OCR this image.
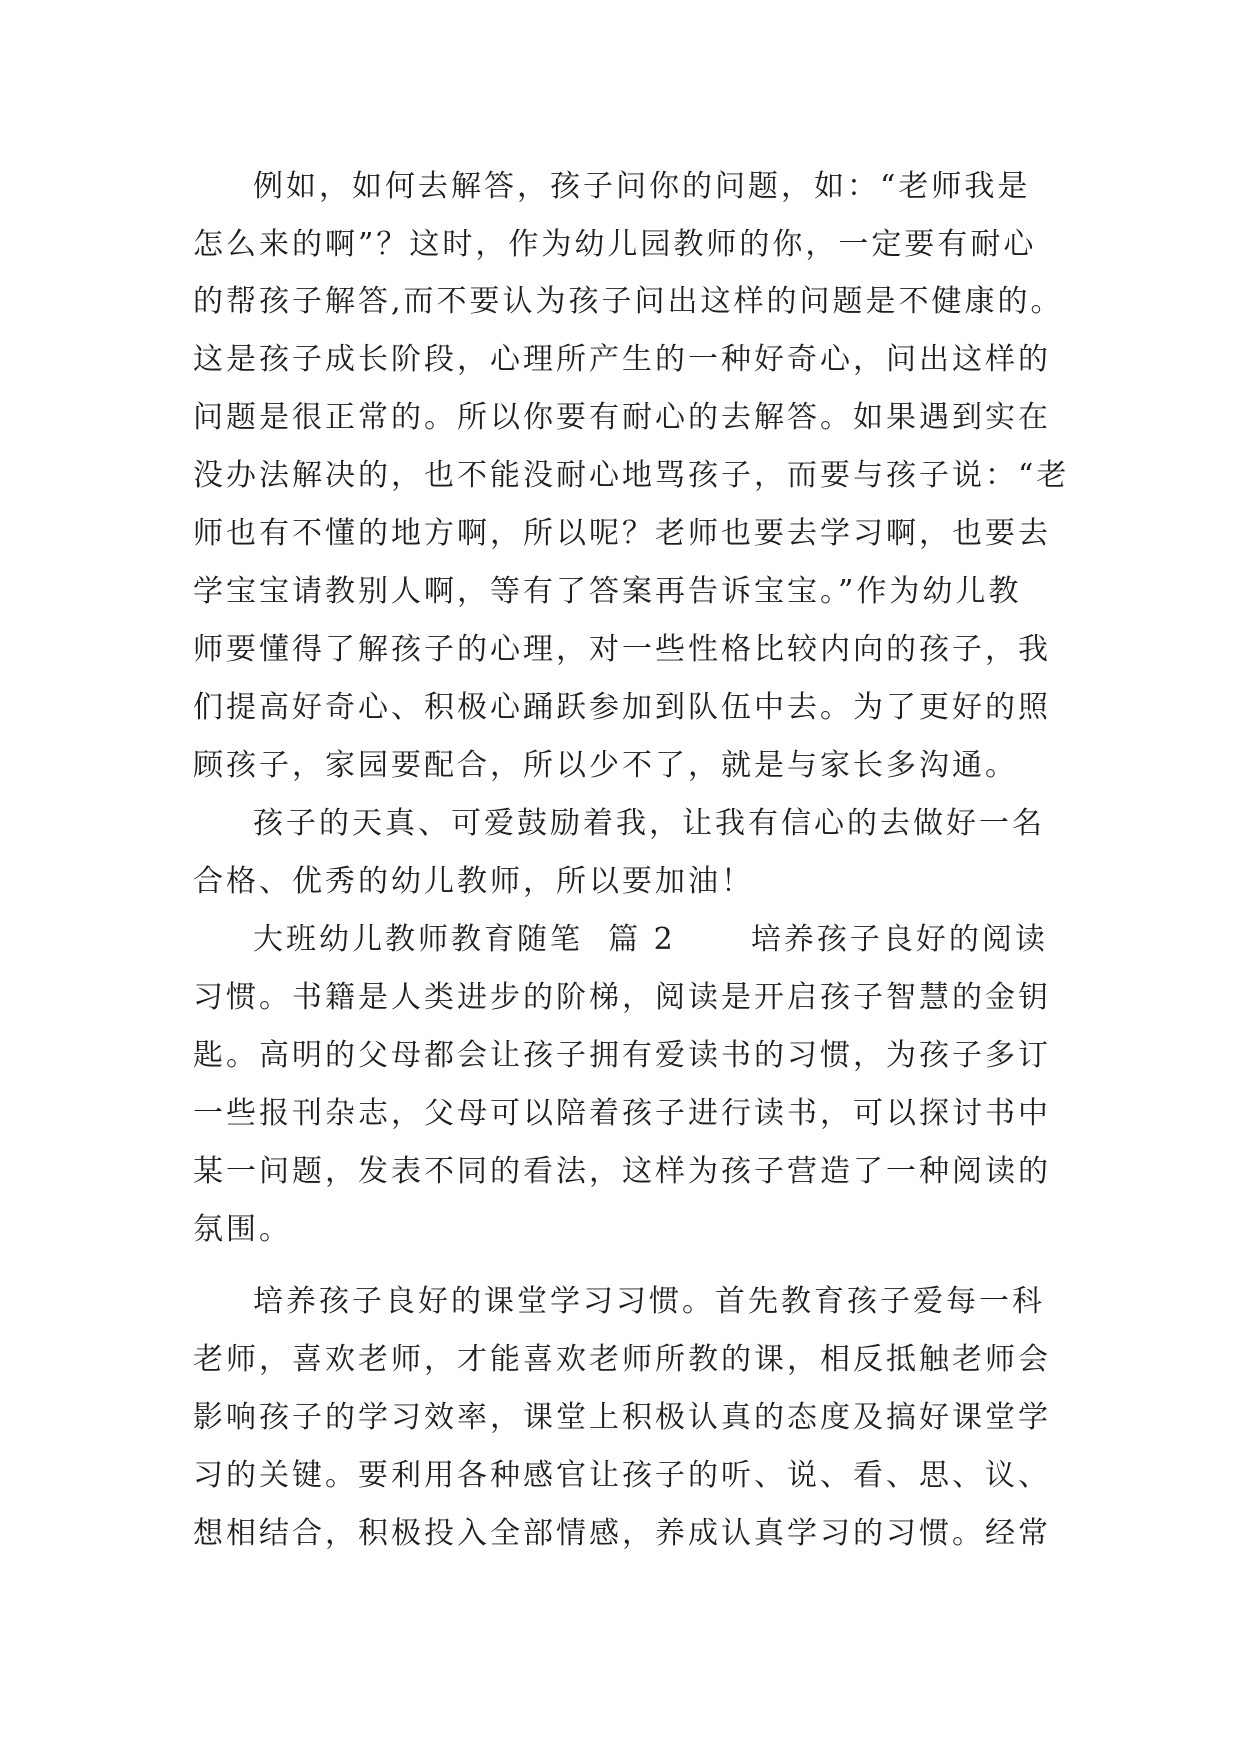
例如，如何去解答，孩子问你的问题，如：“老师我是
怎么来的啊”？这时，作为幼儿园教师的你，一定要有耐心
的帮孩子解答,而不要认为孩子问出这样的问题是不健康的。
这是孩子成长阶段，心理所产生的一种好奇心，问出这样的
问题是很正常的。所以你要有耐心的去解答。如果遇到实在
没办法解决的，也不能没耐心地骂孩子，而要与孩子说：“老
师也有不懂的地方啊，所以呢？老师也要去学习啊，也要去
学宝宝请教别人啊，等有了答案再告诉宝宝。”作为幼儿教
师要懂得了解孩子的心理，对一些性格比较内向的孩子，我
们提高好奇心、积极心踊跃参加到队伍中去。为了更好的照
顾孩子，家园要配合，所以少不了，就是与家长多沟通。
孩子的天真、可爱鼓励着我，让我有信心的去做好一名
合格、优秀的幼儿教师，所以要加油！
大班幼儿教师教育随笔  篇 2      培养孩子良好的阅读
习惯。书籍是人类进步的阶梯，阅读是开启孩子智慧的金钥
匙。高明的父母都会让孩子拥有爱读书的习惯，为孩子多订
一些报刊杂志，父母可以陪着孩子进行读书，可以探讨书中
某一问题，发表不同的看法，这样为孩子营造了一种阅读的
氛围。
培养孩子良好的课堂学习习惯。首先教育孩子爱每一科
老师，喜欢老师，才能喜欢老师所教的课，相反抵触老师会
影响孩子的学习效率，课堂上积极认真的态度及搞好课堂学
习的关键。要利用各种感官让孩子的听、说、看、思、议、
想相结合，积极投入全部情感，养成认真学习的习惯。经常
